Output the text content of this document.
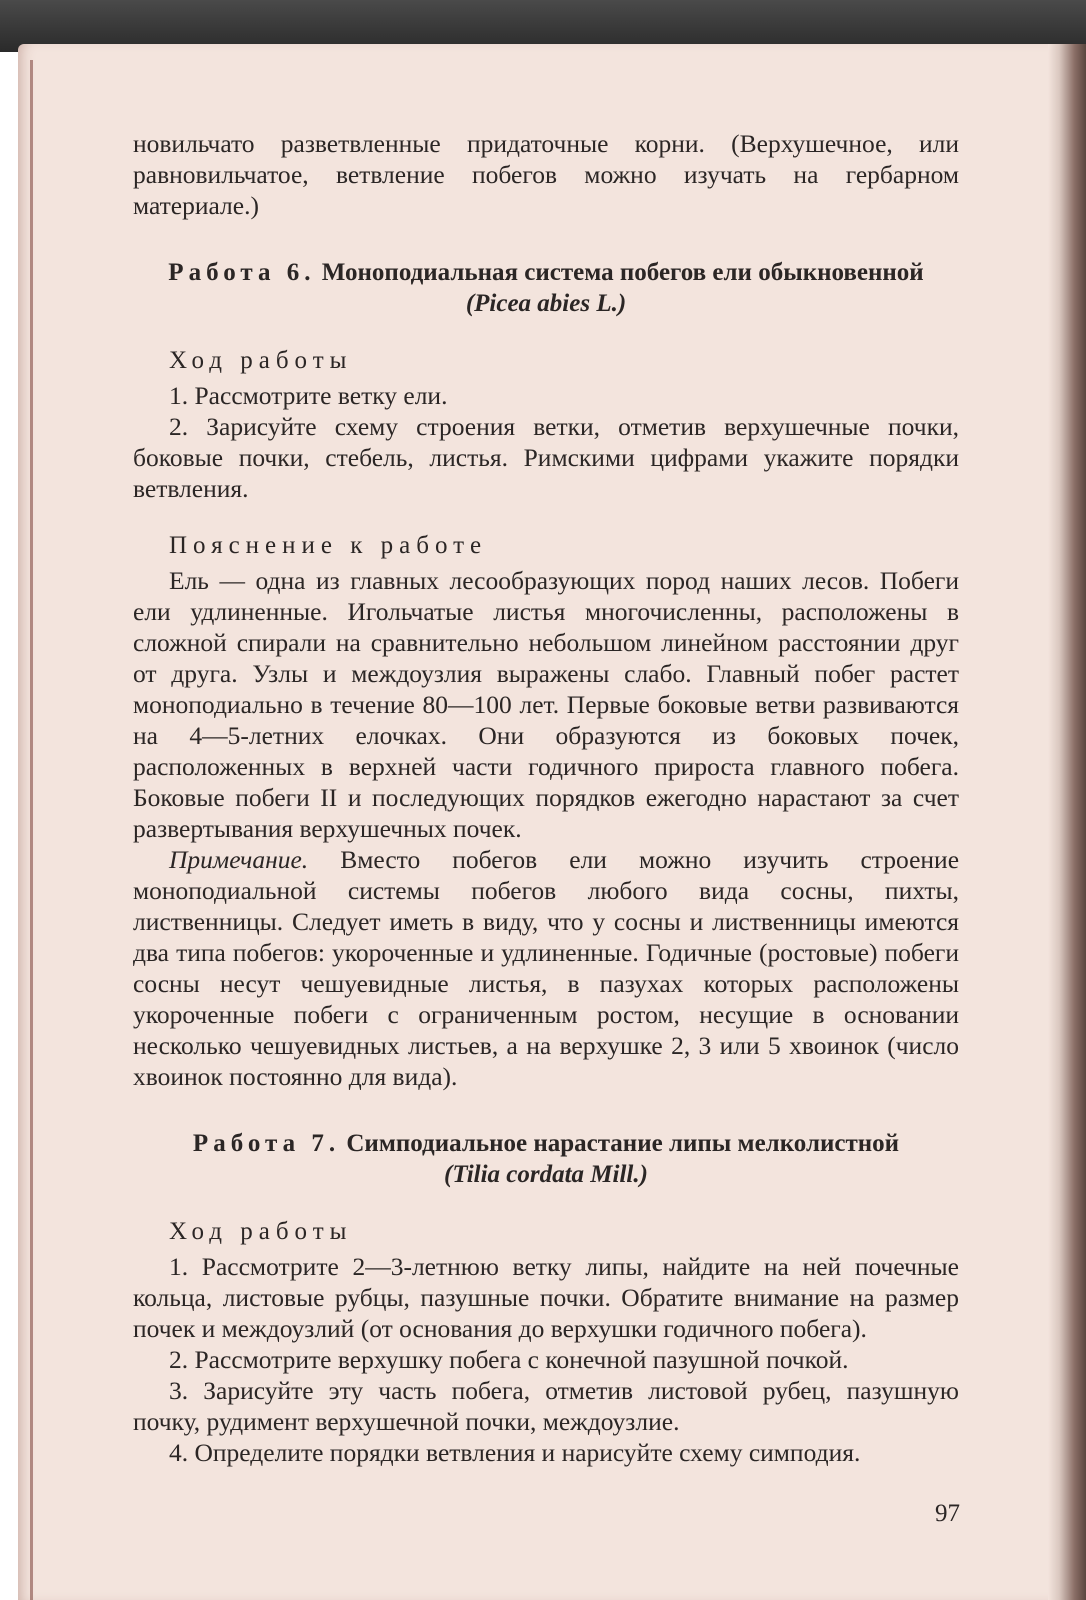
новильчато разветвленные придаточные корни. (Верхушечное, или равновильчатое, ветвление побегов можно изучать на гербарном материале.)

Работа 6. Моноподиальная система побегов ели обыкновенной
(Picea abies L.)
Ход работы

1. Рассмотрите ветку ели.

2. Зарисуйте схему строения ветки, отметив верхушечные почки, боковые почки, стебель, листья. Римскими цифрами укажите порядки ветвления.

Пояснение к работе

Ель — одна из главных лесообразующих пород наших лесов. Побеги ели удлиненные. Игольчатые листья многочисленны, расположены в сложной спирали на сравнительно небольшом линейном расстоянии друг от друга. Узлы и междоузлия выражены слабо. Главный побег растет моноподиально в течение 80—100 лет. Первые боковые ветви развиваются на 4—5-летних елочках. Они образуются из боковых почек, расположенных в верхней части годичного прироста главного побега. Боковые побеги II и последующих порядков ежегодно нарастают за счет развертывания верхушечных почек.

Примечание. Вместо побегов ели можно изучить строение моноподиальной системы побегов любого вида сосны, пихты, лиственницы. Следует иметь в виду, что у сосны и лиственницы имеются два типа побегов: укороченные и удлиненные. Годичные (ростовые) побеги сосны несут чешуевидные листья, в пазухах которых расположены укороченные побеги с ограниченным ростом, несущие в основании несколько чешуевидных листьев, а на верхушке 2, 3 или 5 хвоинок (число хвоинок постоянно для вида).

Работа 7. Симподиальное нарастание липы мелколистной
(Tilia cordata Mill.)
Ход работы

1. Рассмотрите 2—3-летнюю ветку липы, найдите на ней почечные кольца, листовые рубцы, пазушные почки. Обратите внимание на размер почек и междоузлий (от основания до верхушки годичного побега).

2. Рассмотрите верхушку побега с конечной пазушной почкой.

3. Зарисуйте эту часть побега, отметив листовой рубец, пазушную почку, рудимент верхушечной почки, междоузлие.

4. Определите порядки ветвления и нарисуйте схему симподия.

97
